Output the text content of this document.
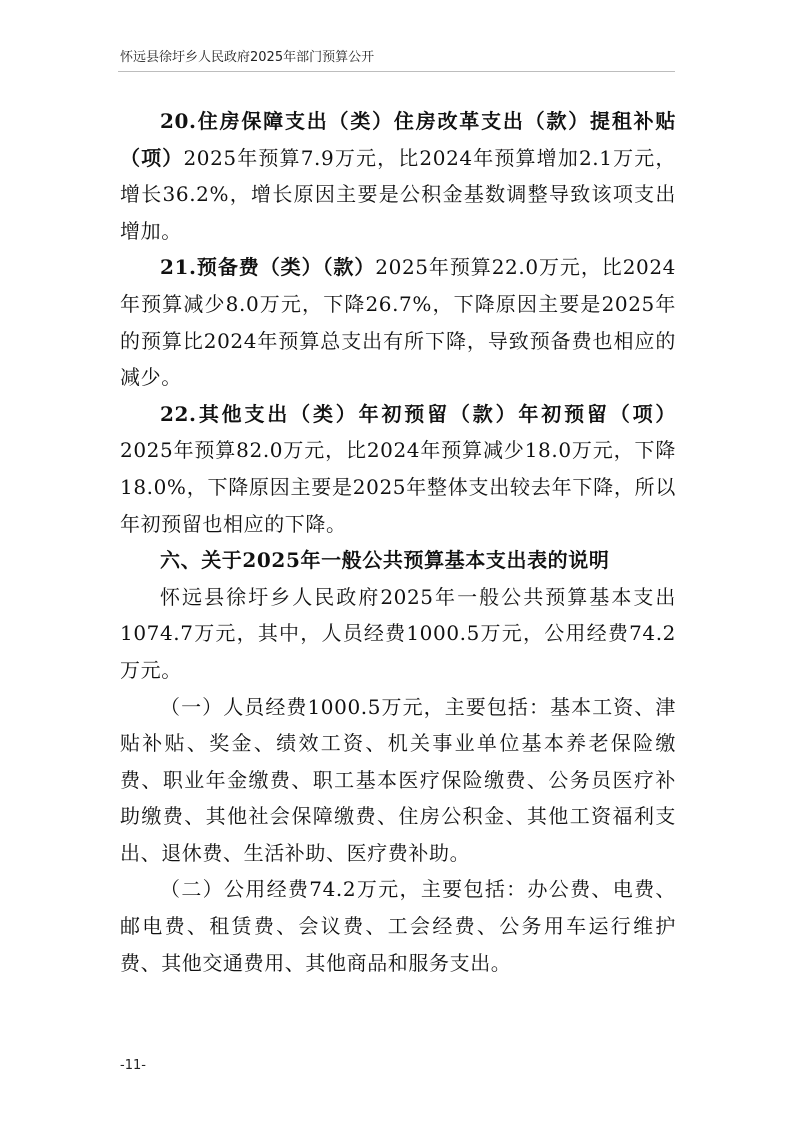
怀远县徐圩乡人民政府2025年部门预算公开

20.住房保障支出（类）住房改革支出（款）提租补贴（项）2025年预算7.9万元，比2024年预算增加2.1万元，增长36.2%，增长原因主要是公积金基数调整导致该项支出增加。

21.预备费（类）（款）2025年预算22.0万元，比2024年预算减少8.0万元，下降26.7%，下降原因主要是2025年的预算比2024年预算总支出有所下降，导致预备费也相应的减少。

22.其他支出（类）年初预留（款）年初预留（项）2025年预算82.0万元，比2024年预算减少18.0万元，下降18.0%，下降原因主要是2025年整体支出较去年下降，所以年初预留也相应的下降。

六、关于2025年一般公共预算基本支出表的说明

怀远县徐圩乡人民政府2025年一般公共预算基本支出1074.7万元，其中，人员经费1000.5万元，公用经费74.2万元。

（一）人员经费1000.5万元，主要包括：基本工资、津贴补贴、奖金、绩效工资、机关事业单位基本养老保险缴费、职业年金缴费、职工基本医疗保险缴费、公务员医疗补助缴费、其他社会保障缴费、住房公积金、其他工资福利支出、退休费、生活补助、医疗费补助。

（二）公用经费74.2万元，主要包括：办公费、电费、邮电费、租赁费、会议费、工会经费、公务用车运行维护费、其他交通费用、其他商品和服务支出。

-11-
